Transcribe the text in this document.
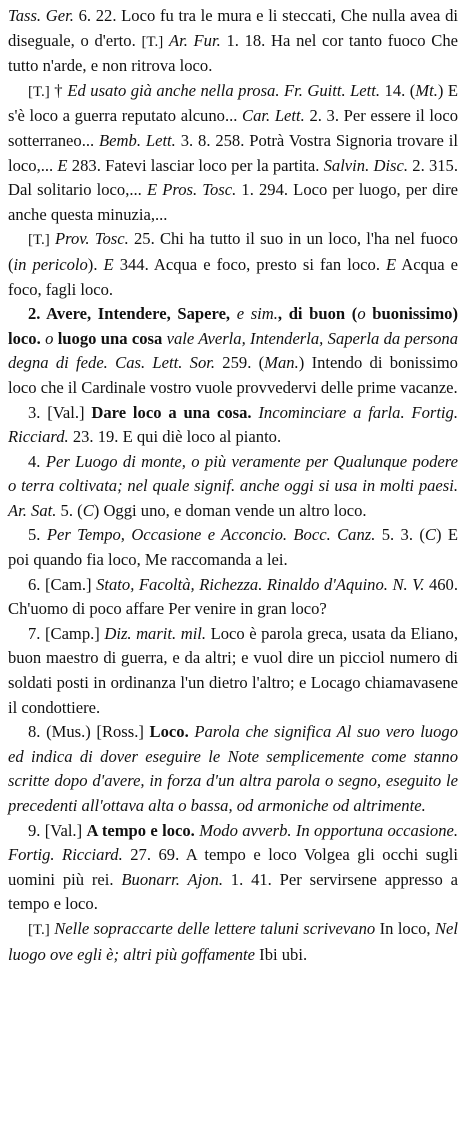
Tass. Ger. 6. 22. Loco fu tra le mura e li steccati, Che nulla avea di diseguale, o d'erto. [T.] Ar. Fur. 1. 18. Ha nel cor tanto fuoco Che tutto n'arde, e non ritrova loco.

[T.] † Ed usato già anche nella prosa. Fr. Guitt. Lett. 14. (Mt.) E s'è loco a guerra reputato alcuno... Car. Lett. 2. 3. Per essere il loco sotterraneo... Bemb. Lett. 3. 8. 258. Potrà Vostra Signoria trovare il loco,... E 283. Fatevi lasciar loco per la partita. Salvin. Disc. 2. 315. Dal solitario loco,... E Pros. Tosc. 1. 294. Loco per luogo, per dire anche questa minuzia,...

[T.] Prov. Tosc. 25. Chi ha tutto il suo in un loco, l'ha nel fuoco (in pericolo). E 344. Acqua e foco, presto si fan loco. E Acqua e foco, fagli loco.

2. Avere, Intendere, Sapere, e sim., di buon (o buonissimo) loco. o luogo una cosa vale Averla, Intenderla, Saperla da persona degna di fede. Cas. Lett. Sor. 259. (Man.) Intendo di bonissimo loco che il Cardinale vostro vuole provvedervi delle prime vacanze.

3. [Val.] Dare loco a una cosa. Incominciare a farla. Fortig. Ricciard. 23. 19. E qui diè loco al pianto.

4. Per Luogo di monte, o più veramente per Qualunque podere o terra coltivata; nel quale signif. anche oggi si usa in molti paesi. Ar. Sat. 5. (C) Oggi uno, e doman vende un altro loco.

5. Per Tempo, Occasione e Acconcio. Bocc. Canz. 5. 3. (C) E poi quando fia loco, Me raccomanda a lei.

6. [Cam.] Stato, Facoltà, Richezza. Rinaldo d'Aquino. N. V. 460. Ch'uomo di poco affare Per venire in gran loco?

7. [Camp.] Diz. marit. mil. Loco è parola greca, usata da Eliano, buon maestro di guerra, e da altri; e vuol dire un picciol numero di soldati posti in ordinanza l'un dietro l'altro; e Locago chiamavasene il condottiere.

8. (Mus.) [Ross.] Loco. Parola che significa Al suo vero luogo ed indica di dover eseguire le Note semplicemente come stanno scritte dopo d'avere, in forza d'un altra parola o segno, eseguito le precedenti all'ottava alta o bassa, od armoniche od altrimente.

9. [Val.] A tempo e loco. Modo avverb. In opportuna occasione. Fortig. Ricciard. 27. 69. A tempo e loco Volgea gli occhi sugli uomini più rei. Buonarr. Ajon. 1. 41. Per servirsene appresso a tempo e loco.

[T.] Nelle sopraccarte delle lettere taluni scrivevano In loco, Nel luogo ove egli è; altri più goffamente Ibi ubi.
